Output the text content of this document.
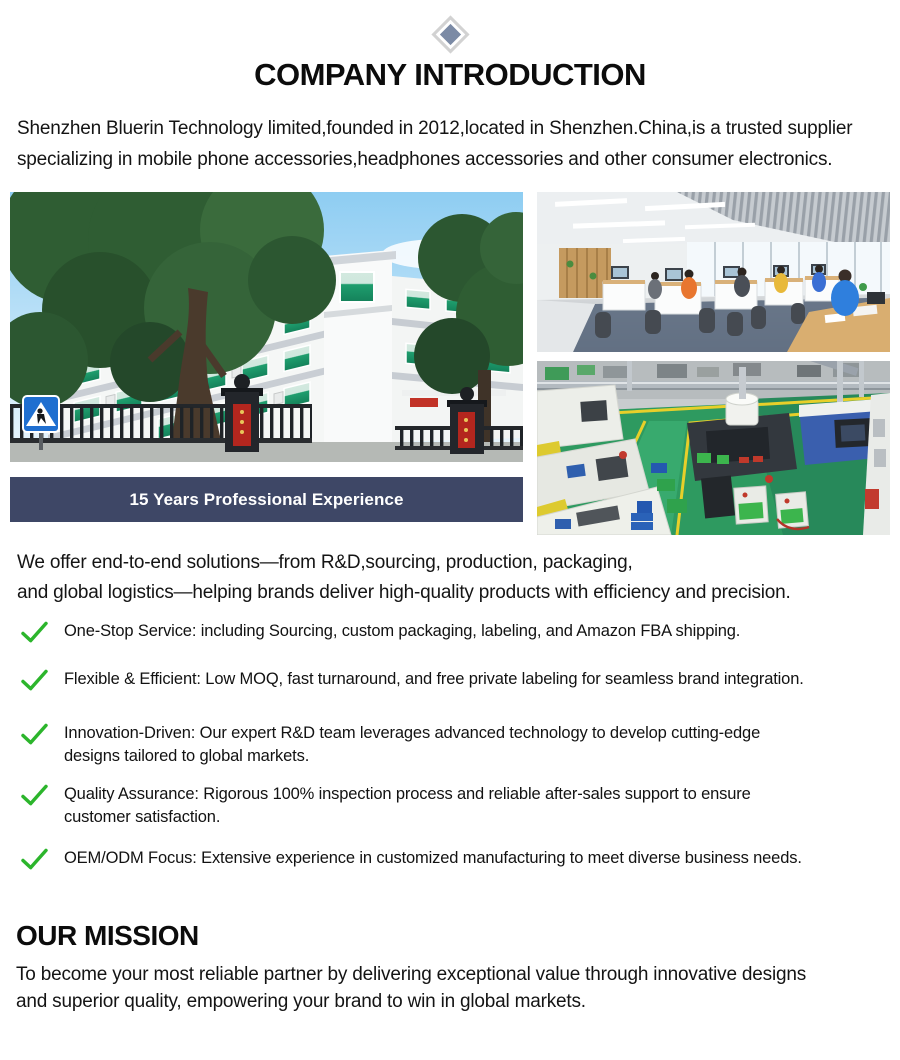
COMPANY INTRODUCTION

Shenzhen Bluerin Technology limited,founded in 2012,located in Shenzhen.China,is a trusted supplier
specializing in mobile phone accessories,headphones accessories and other consumer electronics.

15 Years Professional Experience

We offer end-to-end solutions—from R&D,sourcing, production, packaging,
and global logistics—helping brands deliver high-quality products with efficiency and precision.

One-Stop Service: including Sourcing, custom packaging, labeling, and Amazon FBA shipping.
Flexible & Efficient: Low MOQ, fast turnaround, and free private labeling for seamless brand integration.
Innovation-Driven: Our expert R&D team leverages advanced technology to develop cutting-edge
designs tailored to global markets.
Quality Assurance: Rigorous 100% inspection process and reliable after-sales support to ensure
customer satisfaction.
OEM/ODM Focus: Extensive experience in customized manufacturing to meet diverse business needs.
OUR MISSION

To become your most reliable partner by delivering exceptional value through innovative designs
and superior quality, empowering your brand to win in global markets.
